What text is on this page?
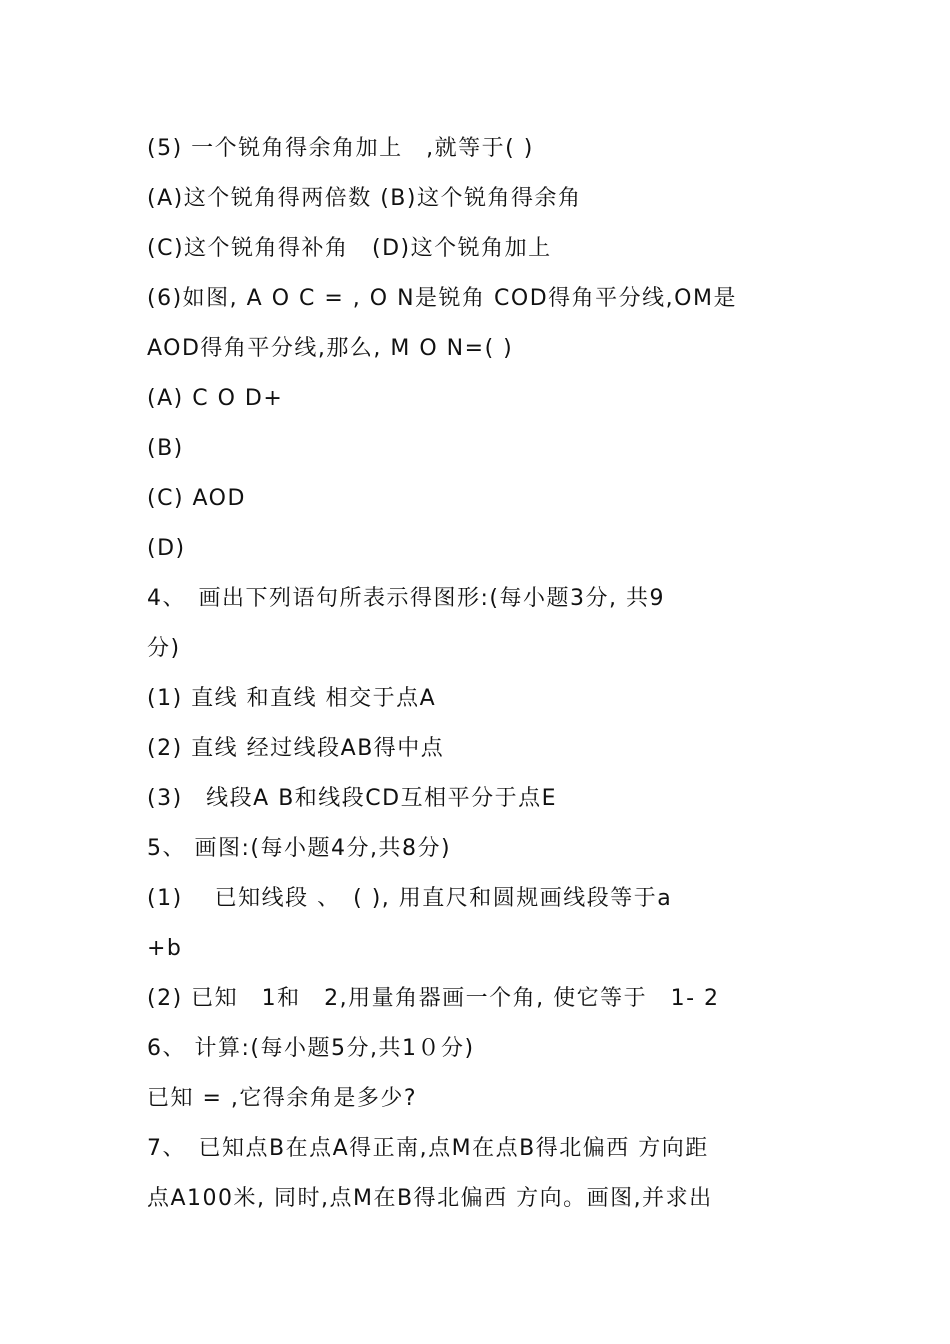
(5) 一个锐角得余角加上　,就等于( )
(A)这个锐角得两倍数 (B)这个锐角得余角
(C)这个锐角得补角　(D)这个锐角加上
(6)如图, A O C = , O N是锐角 COD得角平分线,OM是
AOD得角平分线,那么, M O N=( )
(A) C O D+
(B)
(C) AOD
(D)
4、　画出下列语句所表示得图形:(每小题3分, 共9
分)
(1) 直线 和直线 相交于点A
(2) 直线 经过线段AB得中点
(3)　线段A B和线段CD互相平分于点E
5、 画图:(每小题4分,共8分)
(1)　 已知线段 、　( ), 用直尺和圆规画线段等于a
+b
(2) 已知　1和　2,用量角器画一个角, 使它等于　1- 2
6、 计算:(每小题5分,共1０分)
已知 = ,它得余角是多少?
7、　已知点B在点A得正南,点M在点B得北偏西 方向距
点A100米, 同时,点M在B得北偏西 方向。画图,并求出
